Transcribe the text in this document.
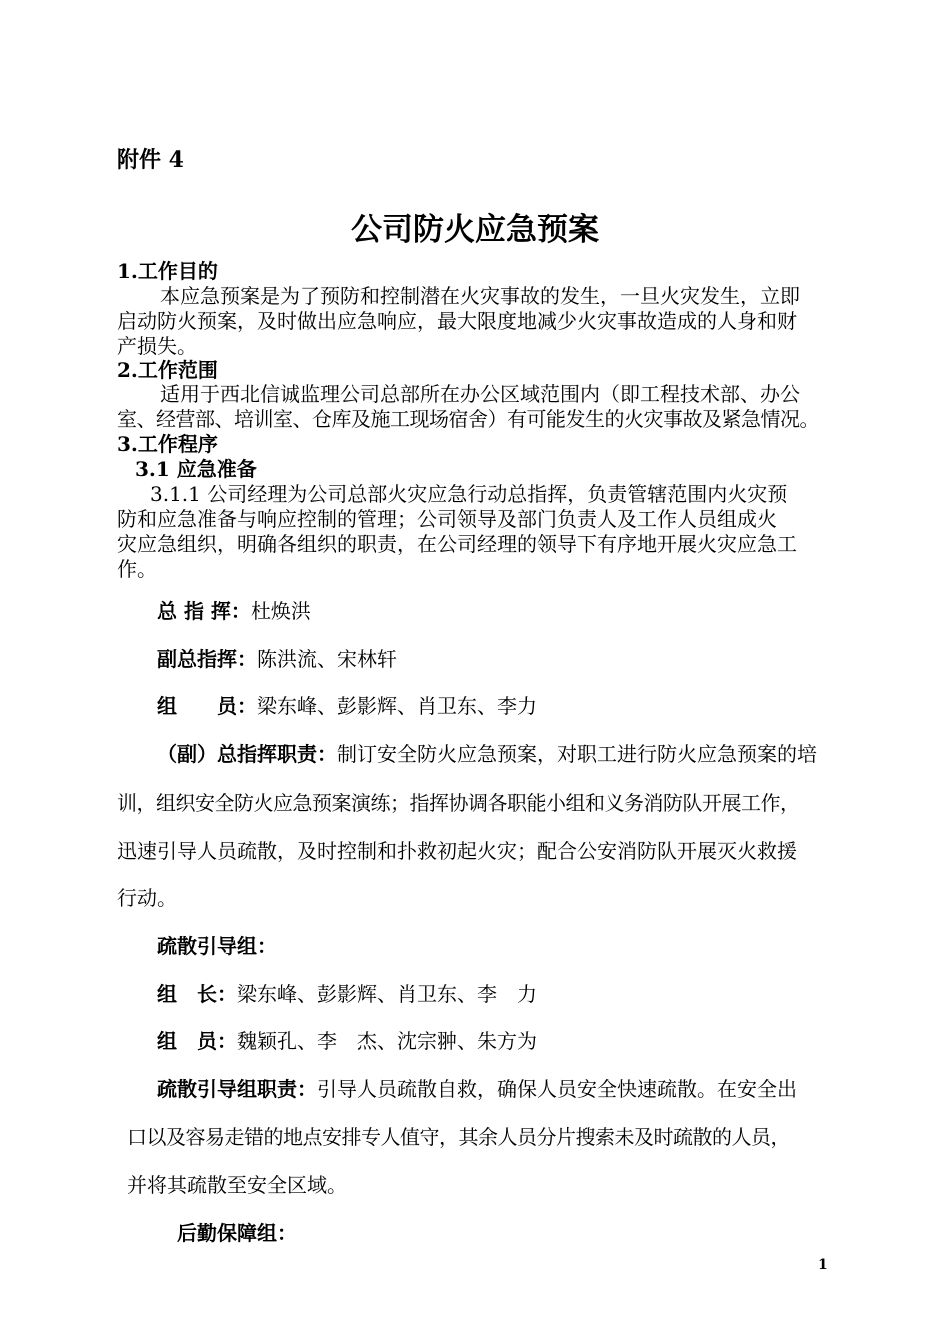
附件 4
公司防火应急预案
1.工作目的
本应急预案是为了预防和控制潜在火灾事故的发生，一旦火灾发生，立即
启动防火预案，及时做出应急响应，最大限度地减少火灾事故造成的人身和财
产损失。
2.工作范围
适用于西北信诚监理公司总部所在办公区域范围内（即工程技术部、办公
室、经营部、培训室、仓库及施工现场宿舍）有可能发生的火灾事故及紧急情况。
3.工作程序
3.1 应急准备
3.1.1 公司经理为公司总部火灾应急行动总指挥，负责管辖范围内火灾预
防和应急准备与响应控制的管理；公司领导及部门负责人及工作人员组成火
灾应急组织，明确各组织的职责，在公司经理的领导下有序地开展火灾应急工
作。
总 指 挥：杜焕洪
副总指挥：陈洪流、宋林轩
组　　员：梁东峰、彭影辉、肖卫东、李力
（副）总指挥职责：制订安全防火应急预案，对职工进行防火应急预案的培
训，组织安全防火应急预案演练；指挥协调各职能小组和义务消防队开展工作，
迅速引导人员疏散，及时控制和扑救初起火灾；配合公安消防队开展灭火救援
行动。
疏散引导组：
组　长：梁东峰、彭影辉、肖卫东、李　力
组　员：魏颖孔、李　杰、沈宗翀、朱方为
疏散引导组职责：引导人员疏散自救，确保人员安全快速疏散。在安全出
口以及容易走错的地点安排专人值守，其余人员分片搜索未及时疏散的人员，
并将其疏散至安全区域。
后勤保障组：
1
